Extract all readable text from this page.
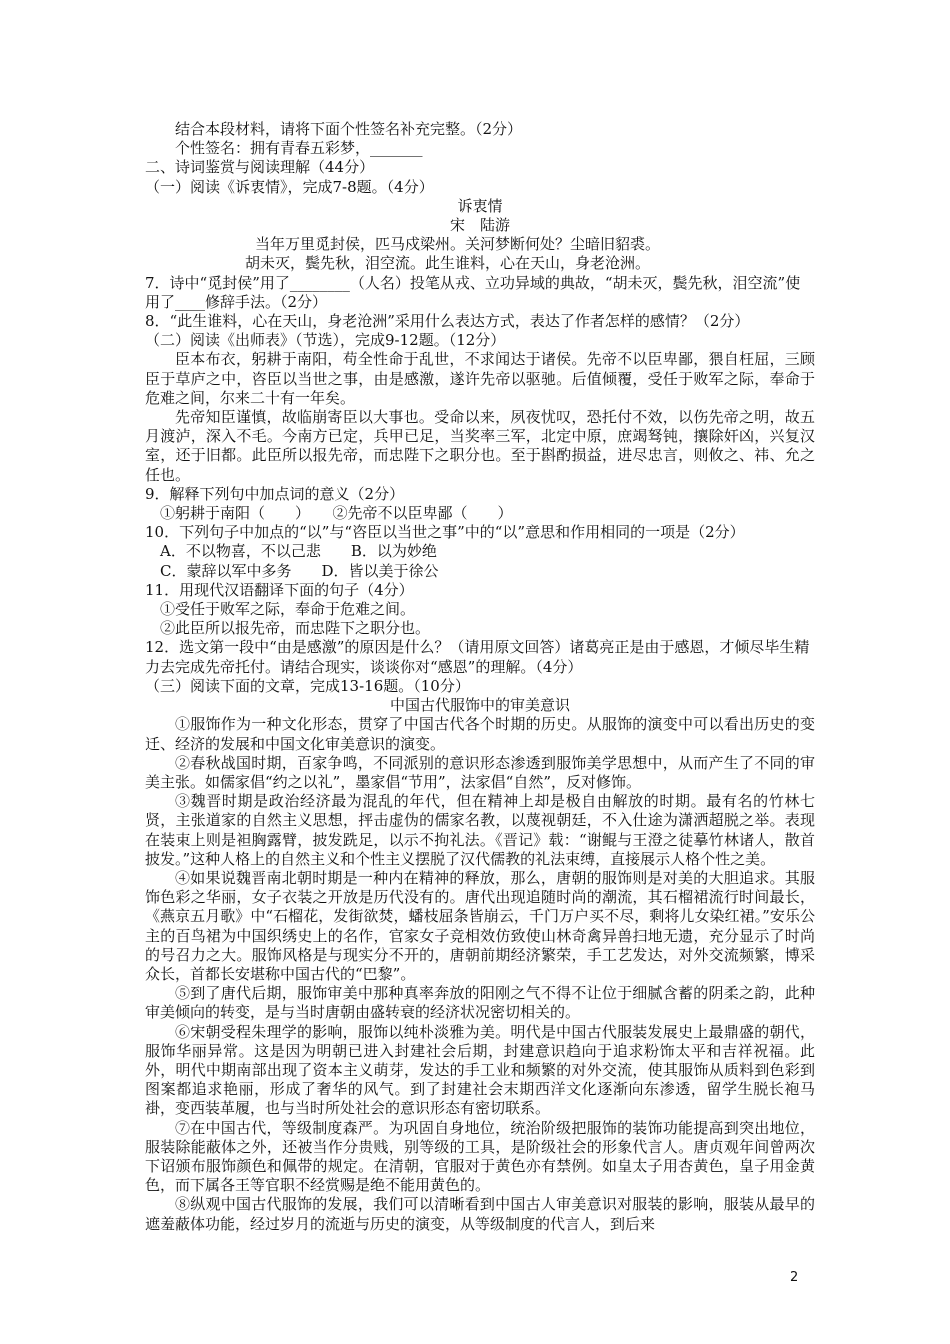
结合本段材料，请将下面个性签名补充完整。（2分）
个性签名：拥有青春五彩梦，_______
二、诗词鉴赏与阅读理解（44分）
（一）阅读《诉衷情》，完成7-8题。（4分）
诉衷情
宋　陆游
当年万里觅封侯，匹马戍梁州。关河梦断何处？尘暗旧貂裘。
胡未灭，鬓先秋，泪空流。此生谁料，心在天山，身老沧洲。
7．诗中“觅封侯”用了________（人名）投笔从戎、立功异域的典故，“胡未灭，鬓先秋，泪空流”使用了____修辞手法。（2分）
8．“此生谁料，心在天山，身老沧洲”采用什么表达方式，表达了作者怎样的感情？（2分）
（二）阅读《出师表》（节选），完成9-12题。（12分）
臣本布衣，躬耕于南阳，苟全性命于乱世，不求闻达于诸侯。先帝不以臣卑鄙，猥自枉屈，三顾臣于草庐之中，咨臣以当世之事，由是感激，遂许先帝以驱驰。后值倾覆，受任于败军之际，奉命于危难之间，尔来二十有一年矣。
先帝知臣谨慎，故临崩寄臣以大事也。受命以来，夙夜忧叹，恐托付不效，以伤先帝之明，故五月渡泸，深入不毛。今南方已定，兵甲已足，当奖率三军，北定中原，庶竭驽钝，攘除奸凶，兴复汉室，还于旧都。此臣所以报先帝，而忠陛下之职分也。至于斟酌损益，进尽忠言，则攸之、祎、允之任也。
9．解释下列句中加点词的意义（2分）
①躬耕于南阳（　　）　　②先帝不以臣卑鄙（　　）
10．下列句子中加点的“以”与“咨臣以当世之事”中的“以”意思和作用相同的一项是（2分）
A．不以物喜，不以己悲　　B．以为妙绝
C．蒙辞以军中多务　　D．皆以美于徐公
11．用现代汉语翻译下面的句子（4分）
①受任于败军之际，奉命于危难之间。
②此臣所以报先帝，而忠陛下之职分也。
12．选文第一段中“由是感激”的原因是什么？（请用原文回答）诸葛亮正是由于感恩，才倾尽毕生精力去完成先帝托付。请结合现实，谈谈你对“感恩”的理解。（4分）
（三）阅读下面的文章，完成13-16题。（10分）
中国古代服饰中的审美意识
①服饰作为一种文化形态，贯穿了中国古代各个时期的历史。从服饰的演变中可以看出历史的变迁、经济的发展和中国文化审美意识的演变。
②春秋战国时期，百家争鸣，不同派别的意识形态渗透到服饰美学思想中，从而产生了不同的审美主张。如儒家倡“约之以礼”，墨家倡“节用”，法家倡“自然”，反对修饰。
③魏晋时期是政治经济最为混乱的年代，但在精神上却是极自由解放的时期。最有名的竹林七贤，主张道家的自然主义思想，抨击虚伪的儒家名教，以蔑视朝廷，不入仕途为潇洒超脱之举。表现在装束上则是袒胸露臂，披发跣足，以示不拘礼法。《晋记》载：“谢鲲与王澄之徒摹竹林诸人，散首披发。”这种人格上的自然主义和个性主义摆脱了汉代儒教的礼法束缚，直接展示人格个性之美。
④如果说魏晋南北朝时期是一种内在精神的释放，那么，唐朝的服饰则是对美的大胆追求。其服饰色彩之华丽，女子衣装之开放是历代没有的。唐代出现追随时尚的潮流，其石榴裙流行时间最长，《燕京五月歌》中“石榴花，发街欲焚，蟠枝屈条皆崩云，千门万户买不尽，剩将儿女染红裙。”安乐公主的百鸟裙为中国织绣史上的名作，官家女子竞相效仿致使山林奇禽异兽扫地无遗，充分显示了时尚的号召力之大。服饰风格是与现实分不开的，唐朝前期经济繁荣，手工艺发达，对外交流频繁，博采众长，首都长安堪称中国古代的“巴黎”。
⑤到了唐代后期，服饰审美中那种真率奔放的阳刚之气不得不让位于细腻含蓄的阴柔之韵，此种审美倾向的转变，是与当时唐朝由盛转衰的经济状况密切相关的。
⑥宋朝受程朱理学的影响，服饰以纯朴淡雅为美。明代是中国古代服装发展史上最鼎盛的朝代，服饰华丽异常。这是因为明朝已进入封建社会后期，封建意识趋向于追求粉饰太平和吉祥祝福。此外，明代中期南部出现了资本主义萌芽，发达的手工业和频繁的对外交流，使其服饰从质料到色彩到图案都追求艳丽，形成了奢华的风气。到了封建社会末期西洋文化逐渐向东渗透，留学生脱长袍马褂，变西装革履，也与当时所处社会的意识形态有密切联系。
⑦在中国古代，等级制度森严。为巩固自身地位，统治阶级把服饰的装饰功能提高到突出地位，服装除能蔽体之外，还被当作分贵贱，别等级的工具，是阶级社会的形象代言人。唐贞观年间曾两次下诏颁布服饰颜色和佩带的规定。在清朝，官服对于黄色亦有禁例。如皇太子用杏黄色，皇子用金黄色，而下属各王等官职不经赏赐是绝不能用黄色的。
⑧纵观中国古代服饰的发展，我们可以清晰看到中国古人审美意识对服装的影响，服装从最早的遮羞蔽体功能，经过岁月的流逝与历史的演变，从等级制度的代言人，到后来
2
